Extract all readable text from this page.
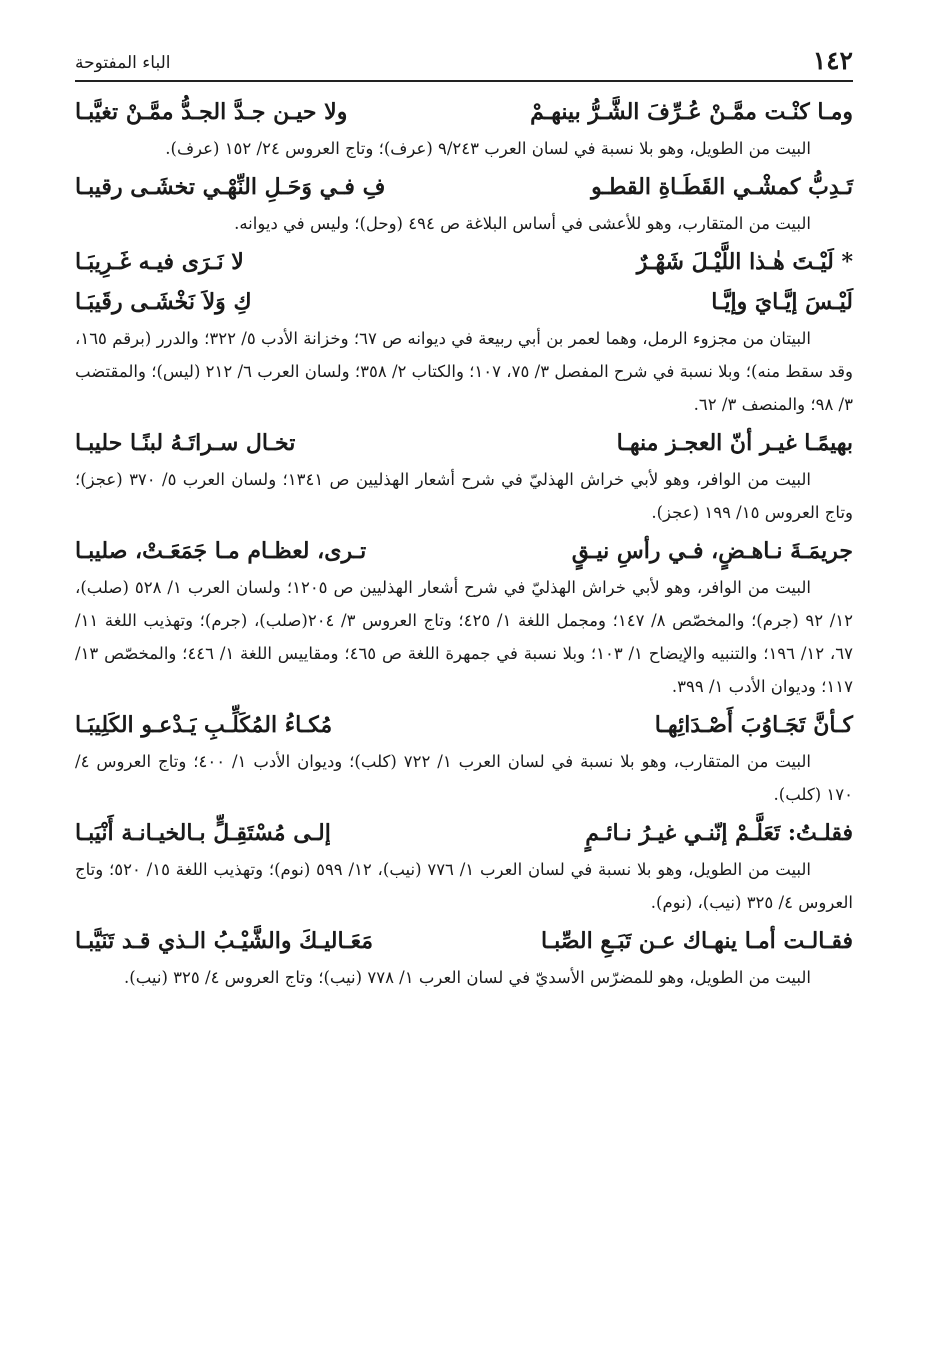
١٤٢
الباء المفتوحة
ومـا كنْـت ممَّـنْ عُـرِّفَ الشَّـرُّ بينهـمْ
ولا حيـن جـدَّ الجـدُّ ممَّـنْ تغيَّبـا

البيت من الطويل، وهو بلا نسبة في لسان العرب ٩/٢٤٣ (عرف)؛ وتاج العروس ٢٤/ ١٥٢ (عرف).

تَـدِبُّ كمشْـي القَطَـاةِ القطـو
فِ فـي وَحَـلِ النِّهْـي تخشَـى رقيبـا

البيت من المتقارب، وهو للأعشى في أساس البلاغة ص ٤٩٤ (وحل)؛ وليس في ديوانه.

* لَيْـتَ هٰـذا اللَّيْـلَ شَهْـرٌ
لا نَـرَى فيـه غَـرِيبَـا
لَيْـسَ إيَّـايَ وإيَّـا
كِ وَلاَ نَخْشَـى رقَيبَـا

البيتان من مجزوء الرمل، وهما لعمر بن أبي ربيعة في ديوانه ص ٦٧؛ وخزانة الأدب ٥/ ٣٢٢؛ والدرر (برقم ١٦٥، وقد سقط منه)؛ وبلا نسبة في شرح المفصل ٣/ ٧٥، ١٠٧؛ والكتاب ٢/ ٣٥٨؛ ولسان العرب ٦/ ٢١٢ (ليس)؛ والمقتضب ٣/ ٩٨؛ والمنصف ٣/ ٦٢.

بهيمًـا غيـر أنّ العجـز منهـا
تخـال سـراتَـهُ لبنًـا حليبـا

البيت من الوافر، وهو لأبي خراش الهذليّ في شرح أشعار الهذليين ص ١٣٤١؛ ولسان العرب ٥/ ٣٧٠ (عجز)؛ وتاج العروس ١٥/ ١٩٩ (عجز).

جريمَـةَ نـاهـضٍ، فـي رأسِ نيـقٍ
تـرى، لعظـام مـا جَمَعَـتْ، صليبـا

البيت من الوافر، وهو لأبي خراش الهذليّ في شرح أشعار الهذليين ص ١٢٠٥؛ ولسان العرب ١/ ٥٢٨ (صلب)، ١٢/ ٩٢ (جرم)؛ والمخصّص ٨/ ١٤٧؛ ومجمل اللغة ١/ ٤٢٥؛ وتاج العروس ٣/ ٢٠٤(صلب)، (جرم)؛ وتهذيب اللغة ١١/ ٦٧، ١٢/ ١٩٦؛ والتنبيه والإيضاح ١/ ١٠٣؛ وبلا نسبة في جمهرة اللغة ص ٤٦٥؛ ومقاييس اللغة ١/ ٤٤٦؛ والمخصّص ١٣/ ١١٧؛ وديوان الأدب ١/ ٣٩٩.

كـأنَّ تَجَـاوُبَ أَصْـدَائِهـا
مُكـاءُ المُكَلِّـبِ يَـدْعـو الكَلِيبَـا

البيت من المتقارب، وهو بلا نسبة في لسان العرب ١/ ٧٢٢ (كلب)؛ وديوان الأدب ١/ ٤٠٠؛ وتاج العروس ٤/ ١٧٠ (كلب).

فقلـتُ: تَعَلَّـمْ إنّنـي غيـرُ نـائـمٍ
إلـى مُسْتَقِـلٍّ بـالخيـانـة أَنْيَبـا

البيت من الطويل، وهو بلا نسبة في لسان العرب ١/ ٧٧٦ (نيب)، ١٢/ ٥٩٩ (نوم)؛ وتهذيب اللغة ١٥/ ٥٢٠؛ وتاج العروس ٤/ ٣٢٥ (نيب)، (نوم).

فقـالـت أمـا ينهـاك عـن تَبَـعِ الصِّبـا
مَعَـاليـكَ والشَّيْـبُ الـذي قـد تَنَيَّبـا

البيت من الطويل، وهو للمضرّس الأسديّ في لسان العرب ١/ ٧٧٨ (نيب)؛ وتاج العروس ٤/ ٣٢٥ (نيب).
